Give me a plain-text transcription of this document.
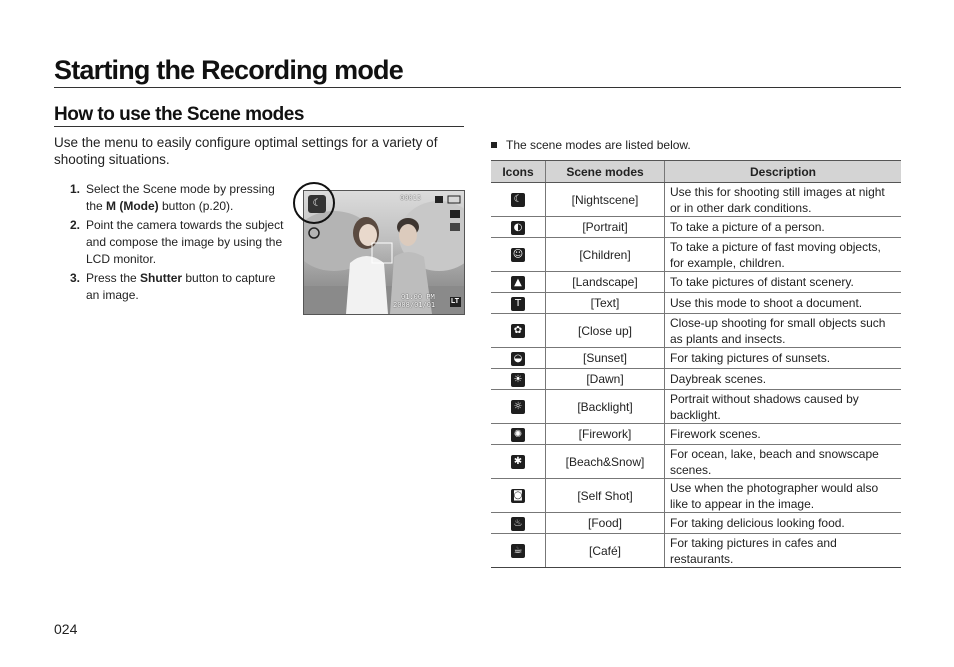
Starting the Recording mode
How to use the Scene modes

Use the menu to easily configure optimal settings for a variety of shooting situations.

1. Select the Scene mode by pressing the M (Mode) button (p.20).
2. Point the camera towards the subject and compose the image by using the LCD monitor.
3. Press the Shutter button to capture an image.
00015
01:00 PM
2008/01/01 LT
☾
The scene modes are listed below.
Icons	Scene modes	Description
☾	[Nightscene]	Use this for shooting still images at night or in other dark conditions.
◐	[Portrait]	To take a picture of a person.
☺	[Children]	To take a picture of fast moving objects, for example, children.
▲	[Landscape]	To take pictures of distant scenery.
T	[Text]	Use this mode to shoot a document.
✿	[Close up]	Close-up shooting for small objects such as plants and insects.
◒	[Sunset]	For taking pictures of sunsets.
☀	[Dawn]	Daybreak scenes.
☼	[Backlight]	Portrait without shadows caused by backlight.
✺	[Firework]	Firework scenes.
✱	[Beach&Snow]	For ocean, lake, beach and snowscape scenes.
◙	[Self Shot]	Use when the photographer would also like to appear in the image.
♨	[Food]	For taking delicious looking food.
☕	[Café]	For taking pictures in cafes and restaurants.
024
